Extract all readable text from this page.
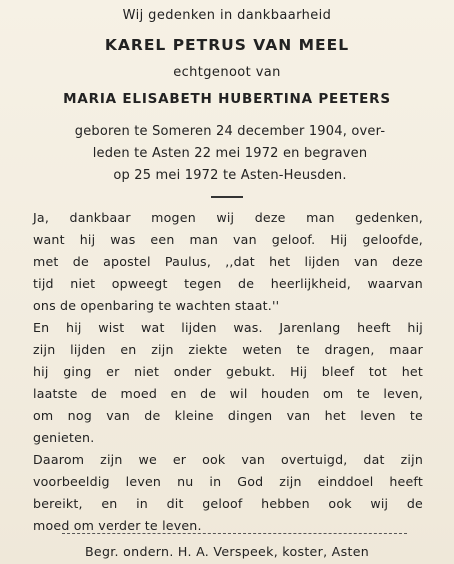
Wij gedenken in dankbaarheid
KAREL PETRUS VAN MEEL
echtgenoot van
MARIA ELISABETH HUBERTINA PEETERS
geboren te Someren 24 december 1904, over-
leden te Asten 22 mei 1972 en begraven
op 25 mei 1972 te Asten-Heusden.
Ja, dankbaar mogen wij deze man gedenken,
want hij was een man van geloof. Hij geloofde,
met de apostel Paulus, ,,dat het lijden van deze
tijd niet opweegt tegen de heerlijkheid, waarvan
ons de openbaring te wachten staat.''
En hij wist wat lijden was. Jarenlang heeft hij
zijn lijden en zijn ziekte weten te dragen, maar
hij ging er niet onder gebukt. Hij bleef tot het
laatste de moed en de wil houden om te leven,
om nog van de kleine dingen van het leven te
genieten.
Daarom zijn we er ook van overtuigd, dat zijn
voorbeeldig leven nu in God zijn einddoel heeft
bereikt, en in dit geloof hebben ook wij de
moed om verder te leven.
Begr. ondern. H. A. Verspeek, koster, Asten
